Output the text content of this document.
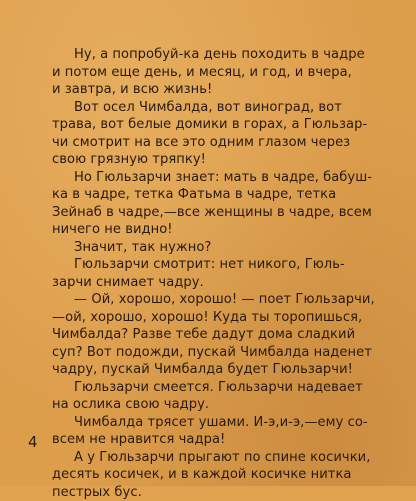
Ну, а попробуй-ка день походить в чадре
и потом еще день, и месяц, и год, и вчера,
и завтра, и всю жизнь!
Вот осел Чимбалда, вот виноград, вот
трава, вот белые домики в горах, а Гюльзар-
чи смотрит на все это одним глазом через
свою грязную тряпку!
Но Гюльзарчи знает: мать в чадре, бабуш-
ка в чадре, тетка Фатьма в чадре, тетка
Зейнаб в чадре,—все женщины в чадре, всем
ничего не видно!
Значит, так нужно?
Гюльзарчи смотрит: нет никого, Гюль-
зарчи снимает чадру.
— Ой, хорошо, хорошо! — поет Гюльзарчи,
—ой, хорошо, хорошо! Куда ты торопишься,
Чимбалда? Разве тебе дадут дома сладкий
суп? Вот подожди, пускай Чимбалда наденет
чадру, пускай Чимбалда будет Гюльзарчи!
Гюльзарчи смеется. Гюльзарчи надевает
на ослика свою чадру.
Чимбалда трясет ушами. И-э,и-э,—ему со-
всем не нравится чадра!
А у Гюльзарчи прыгают по спине косички,
десять косичек, и в каждой косичке нитка
пестрых бус.
4
